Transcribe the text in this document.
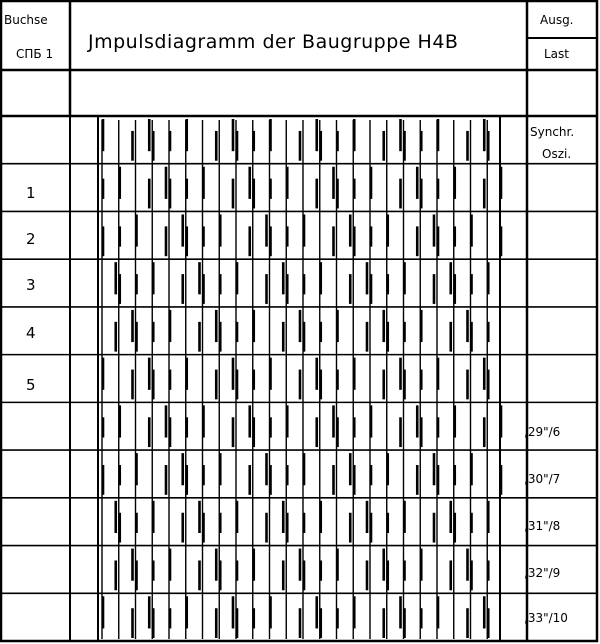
Buchse
СПБ 1
Jmpulsdiagramm der Baugruppe H4B
Ausg.
Last
Synchr.
Oszi.
1
2
3
4
5
,29"/6
,30"/7
,31"/8
,32"/9
,33"/10
